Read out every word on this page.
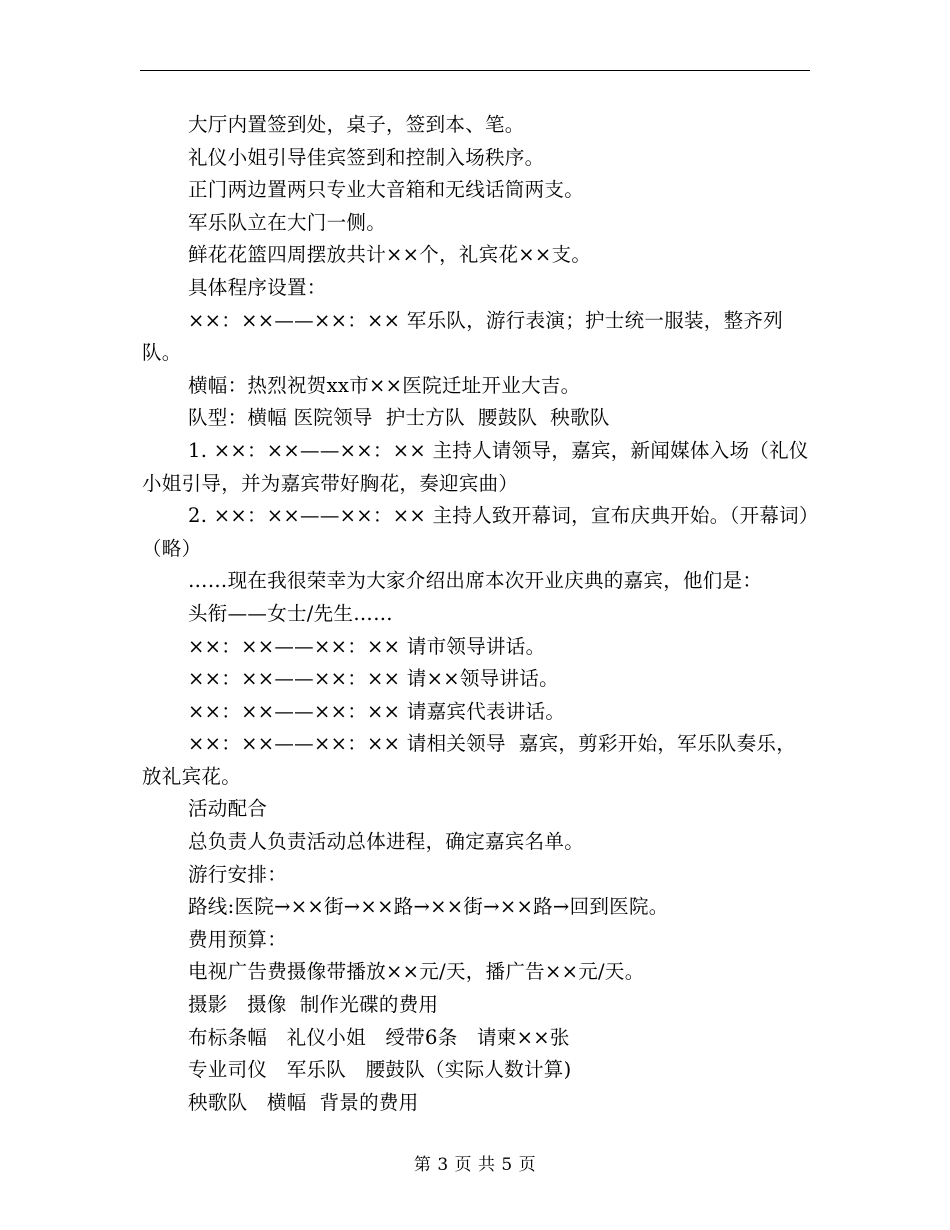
大厅内置签到处，桌子，签到本、笔。

礼仪小姐引导佳宾签到和控制入场秩序。

正门两边置两只专业大音箱和无线话筒两支。

军乐队立在大门一侧。

鲜花花篮四周摆放共计××个，礼宾花××支。

具体程序设置：

××：××——××：×× 军乐队，游行表演；护士统一服装，整齐列队。

横幅：热烈祝贺xx市××医院迁址开业大吉。

队型：横幅 医院领导  护士方队  腰鼓队  秧歌队

1. ××：××——××：×× 主持人请领导，嘉宾，新闻媒体入场（礼仪小姐引导，并为嘉宾带好胸花，奏迎宾曲）

2. ××：××——××：×× 主持人致开幕词，宣布庆典开始。（开幕词）（略）

……现在我很荣幸为大家介绍出席本次开业庆典的嘉宾，他们是：

头衔——女士/先生……

××：××——××：×× 请市领导讲话。

××：××——××：×× 请××领导讲话。

××：××——××：×× 请嘉宾代表讲话。

××：××——××：×× 请相关领导  嘉宾，剪彩开始，军乐队奏乐，放礼宾花。

活动配合

总负责人负责活动总体进程，确定嘉宾名单。

游行安排：

路线:医院→××街→××路→××街→××路→回到医院。

费用预算：

电视广告费摄像带播放××元/天，播广告××元/天。

摄影   摄像  制作光碟的费用

布标条幅   礼仪小姐   绶带6条   请柬××张

专业司仪   军乐队   腰鼓队（实际人数计算)

秧歌队   横幅  背景的费用

第 3 页 共 5 页
